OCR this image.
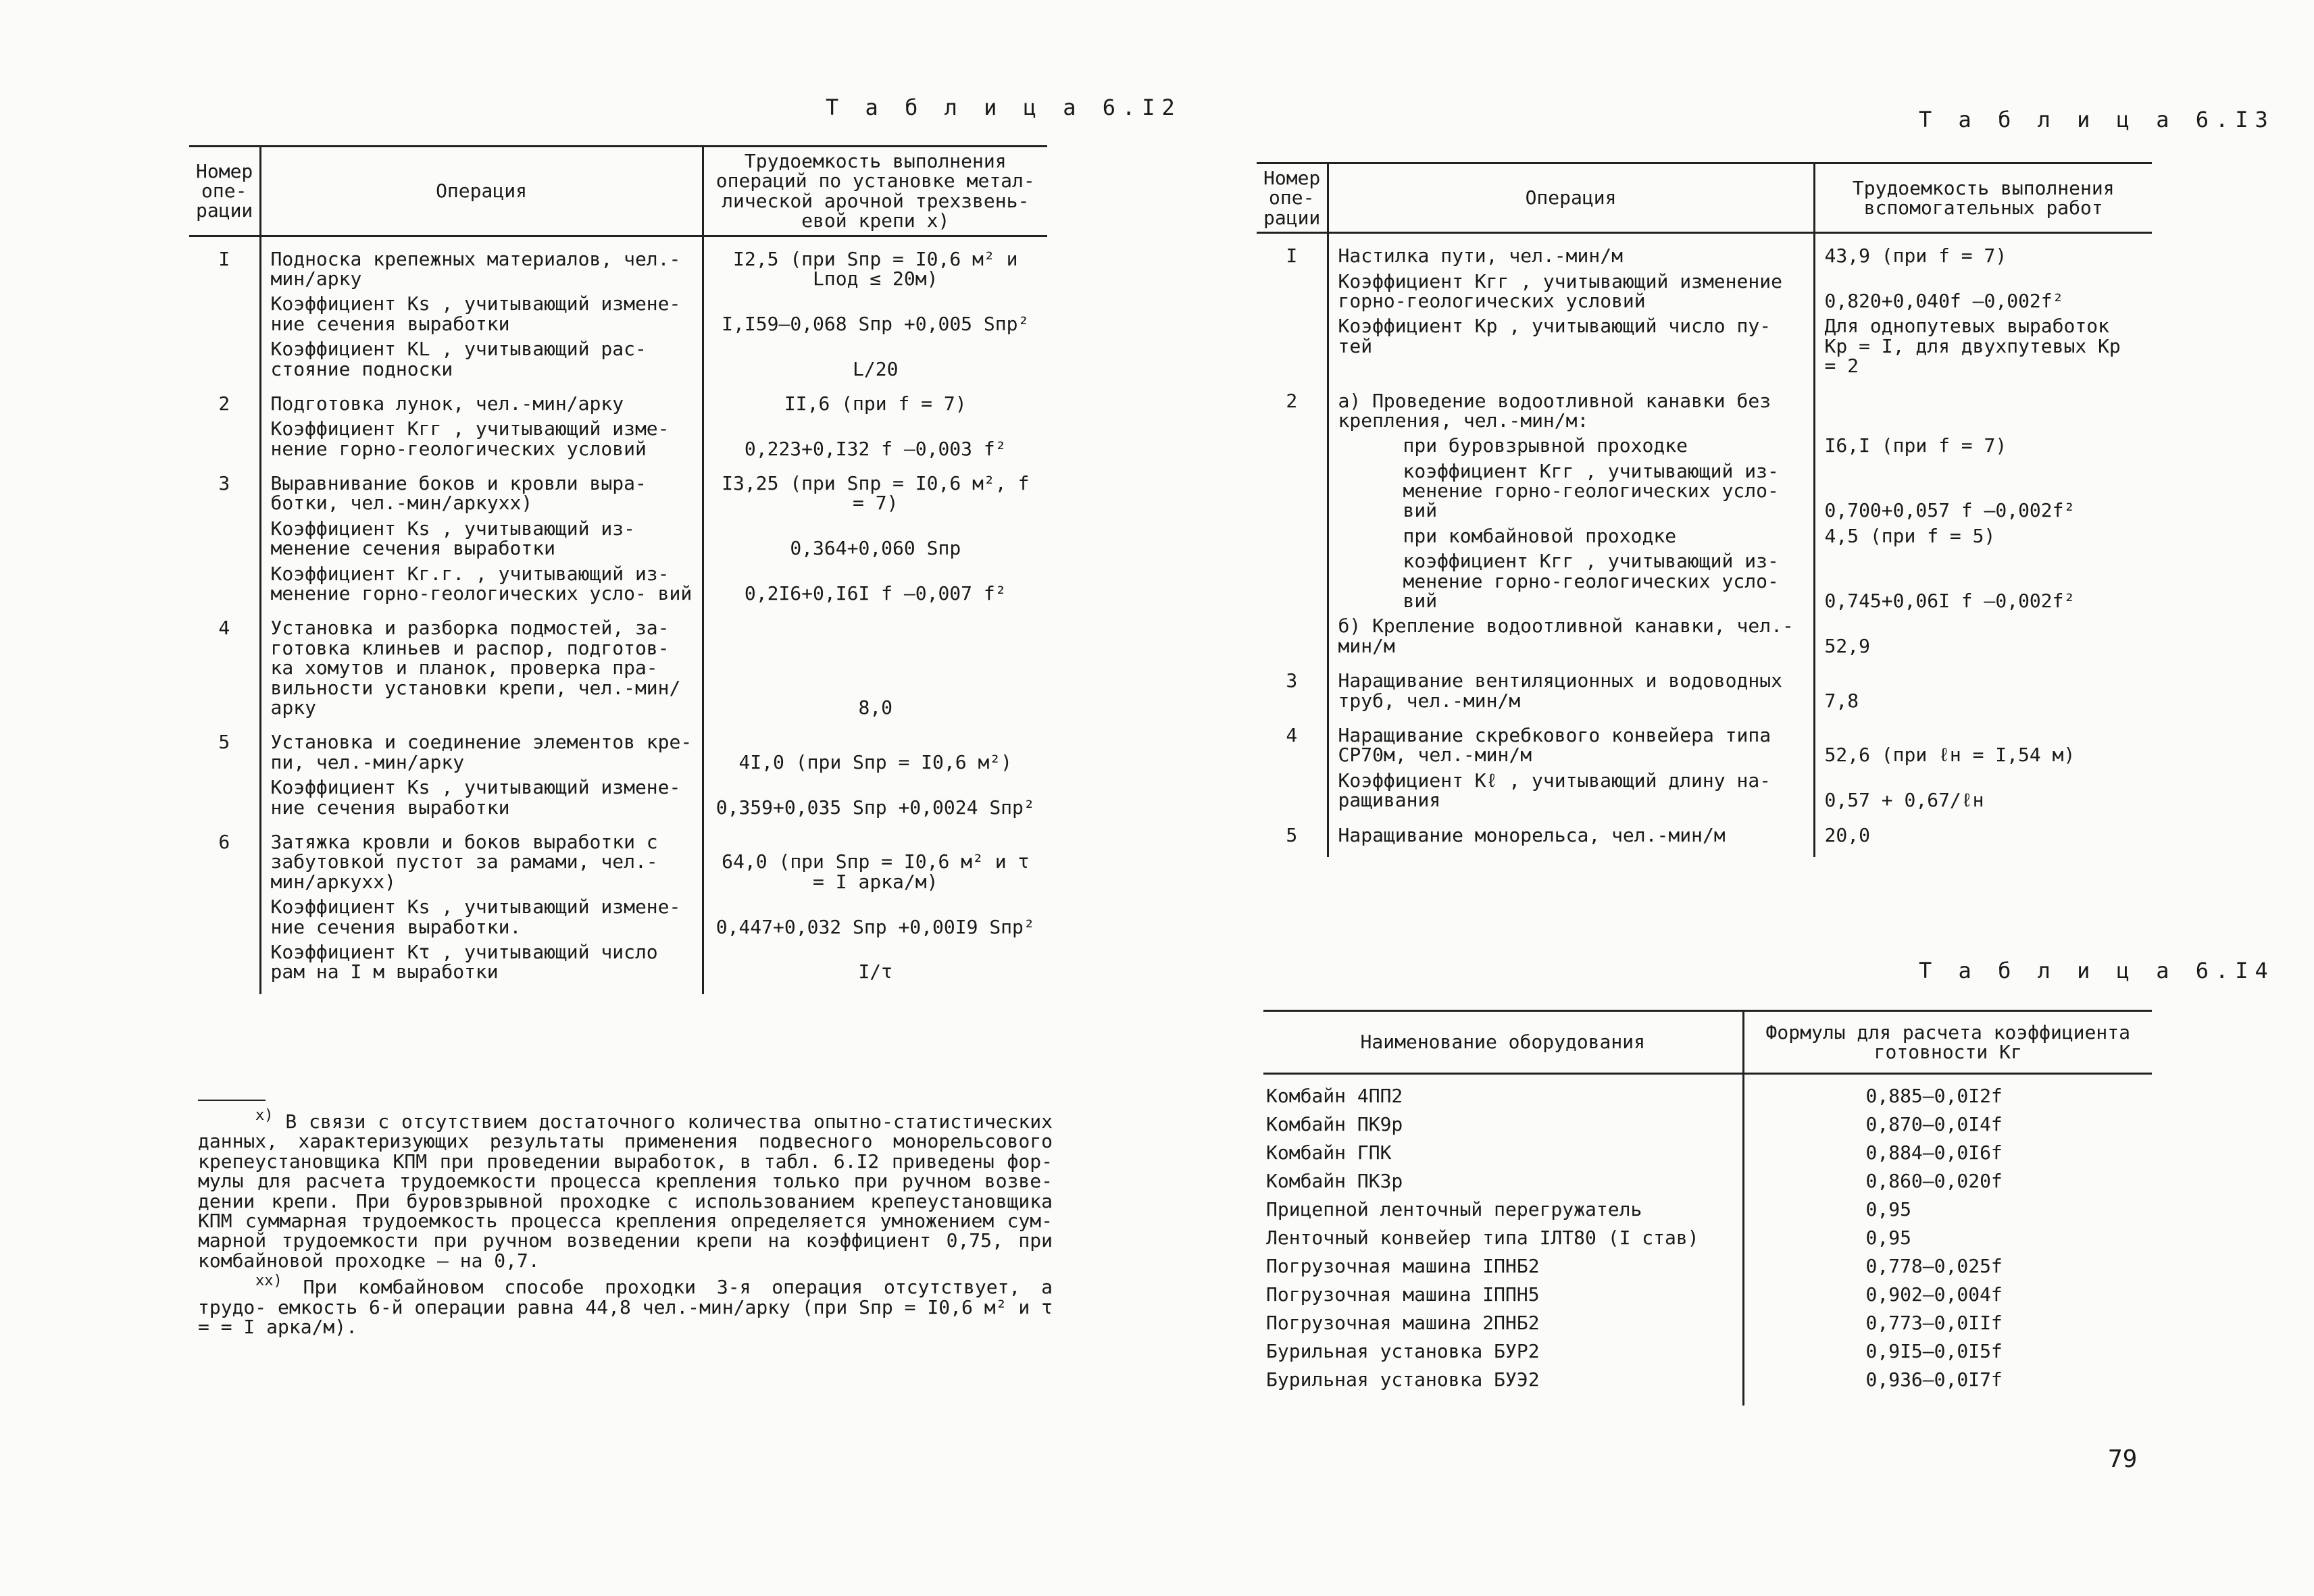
Т а б л и ц а 6.I2
Номер опе- рации	Операция	Трудоемкость выполнения операций по установке метал- лической арочной трехзвень- евой крепи x)

I	Подноска крепежных материалов, чел.-мин/арку	I2,5 (при Sпр = I0,6 м² и Lпод ≤ 20м)
	Коэффициент Кs , учитывающий измене- ние сечения выработки	I,I59–0,068 Sпр +0,005 Sпр²
	Коэффициент КL , учитывающий рас- стояние подноски	L/20

2	Подготовка лунок, чел.-мин/арку	II,6 (при f = 7)
	Коэффициент Кгг , учитывающий изме- нение горно-геологических условий	0,223+0,I32 f –0,003 f²

3	Выравнивание боков и кровли выра- ботки, чел.-мин/аркуxx)	I3,25 (при Sпр = I0,6 м², f = 7)
	Коэффициент Кs , учитывающий из- менение сечения выработки	0,364+0,060 Sпр
	Коэффициент Кг.г. , учитывающий из- менение горно-геологических усло- вий	0,2I6+0,I6I f –0,007 f²

4	Установка и разборка подмостей, за- готовка клиньев и распор, подготов- ка хомутов и планок, проверка пра- вильности установки крепи, чел.-мин/арку	8,0

5	Установка и соединение элементов кре- пи, чел.-мин/арку	4I,0 (при Sпр = I0,6 м²)
	Коэффициент Кs , учитывающий измене- ние сечения выработки	0,359+0,035 Sпр +0,0024 Sпр²

6	Затяжка кровли и боков выработки с забутовкой пустот за рамами, чел.-мин/аркуxx)	64,0 (при Sпр = I0,6 м² и τ = I арка/м)
	Коэффициент Кs , учитывающий измене- ние сечения выработки.	0,447+0,032 Sпр +0,00I9 Sпр²
	Коэффициент Кτ , учитывающий число рам на I м выработки	I/τ

$^{x)}$ В связи с отсутствием достаточного количества опытно-статистических данных, характеризующих результаты применения подвесного монорельсового крепеустановщика КПМ при проведении выработок, в табл. 6.I2 приведены фор- мулы для расчета трудоемкости процесса крепления только при ручном возве- дении крепи. При буровзрывной проходке с использованием крепеустановщика КПМ суммарная трудоемкость процесса крепления определяется умножением сум- марной трудоемкости при ручном возведении крепи на коэффициент 0,75, при комбайновой проходке – на 0,7.
$^{xx)}$ При комбайновом способе проходки 3-я операция отсутствует, а трудо- емкость 6-й операции равна 44,8 чел.-мин/арку (при Sпр = I0,6 м² и τ = = I арка/м).
Т а б л и ц а 6.I3
Номер опе- рации	Операция	Трудоемкость выполнения вспомогательных работ

I	Настилка пути, чел.-мин/м	43,9 (при f = 7)
	Коэффициент Кгг , учитывающий изменение горно-геологических условий	0,820+0,040f –0,002f²
	Коэффициент Кр , учитывающий число пу- тей	Для однопутевых выработок Кр = I, для двухпутевых Кр = 2

2	а) Проведение водоотливной канавки без крепления, чел.-мин/м:	
	при буровзрывной проходке	I6,I (при f = 7)
	коэффициент Кгг , учитывающий из- менение горно-геологических усло- вий	0,700+0,057 f –0,002f²
	при комбайновой проходке	4,5 (при f = 5)
	коэффициент Кгг , учитывающий из- менение горно-геологических усло- вий	0,745+0,06I f –0,002f²
	б) Крепление водоотливной канавки, чел.-мин/м	52,9

3	Наращивание вентиляционных и водоводных труб, чел.-мин/м	7,8

4	Наращивание скребкового конвейера типа СР70м, чел.-мин/м	52,6 (при ℓн = I,54 м)
	Коэффициент Кℓ , учитывающий длину на- ращивания	0,57 + 0,67/ℓн

5	Наращивание монорельса, чел.-мин/м	20,0

Т а б л и ц а 6.I4
Наименование оборудования	Формулы для расчета коэффициента готовности Кг

Комбайн 4ПП2	0,885–0,0I2f
Комбайн ПК9р	0,870–0,0I4f
Комбайн ГПК	0,884–0,0I6f
Комбайн ПК3р	0,860–0,020f
Прицепной ленточный перегружатель	0,95
Ленточный конвейер типа IЛТ80 (I став)	0,95
Погрузочная машина IПНБ2	0,778–0,025f
Погрузочная машина IППН5	0,902–0,004f
Погрузочная машина 2ПНБ2	0,773–0,0IIf
Бурильная установка БУР2	0,9I5–0,0I5f
Бурильная установка БУЭ2	0,936–0,0I7f

79
